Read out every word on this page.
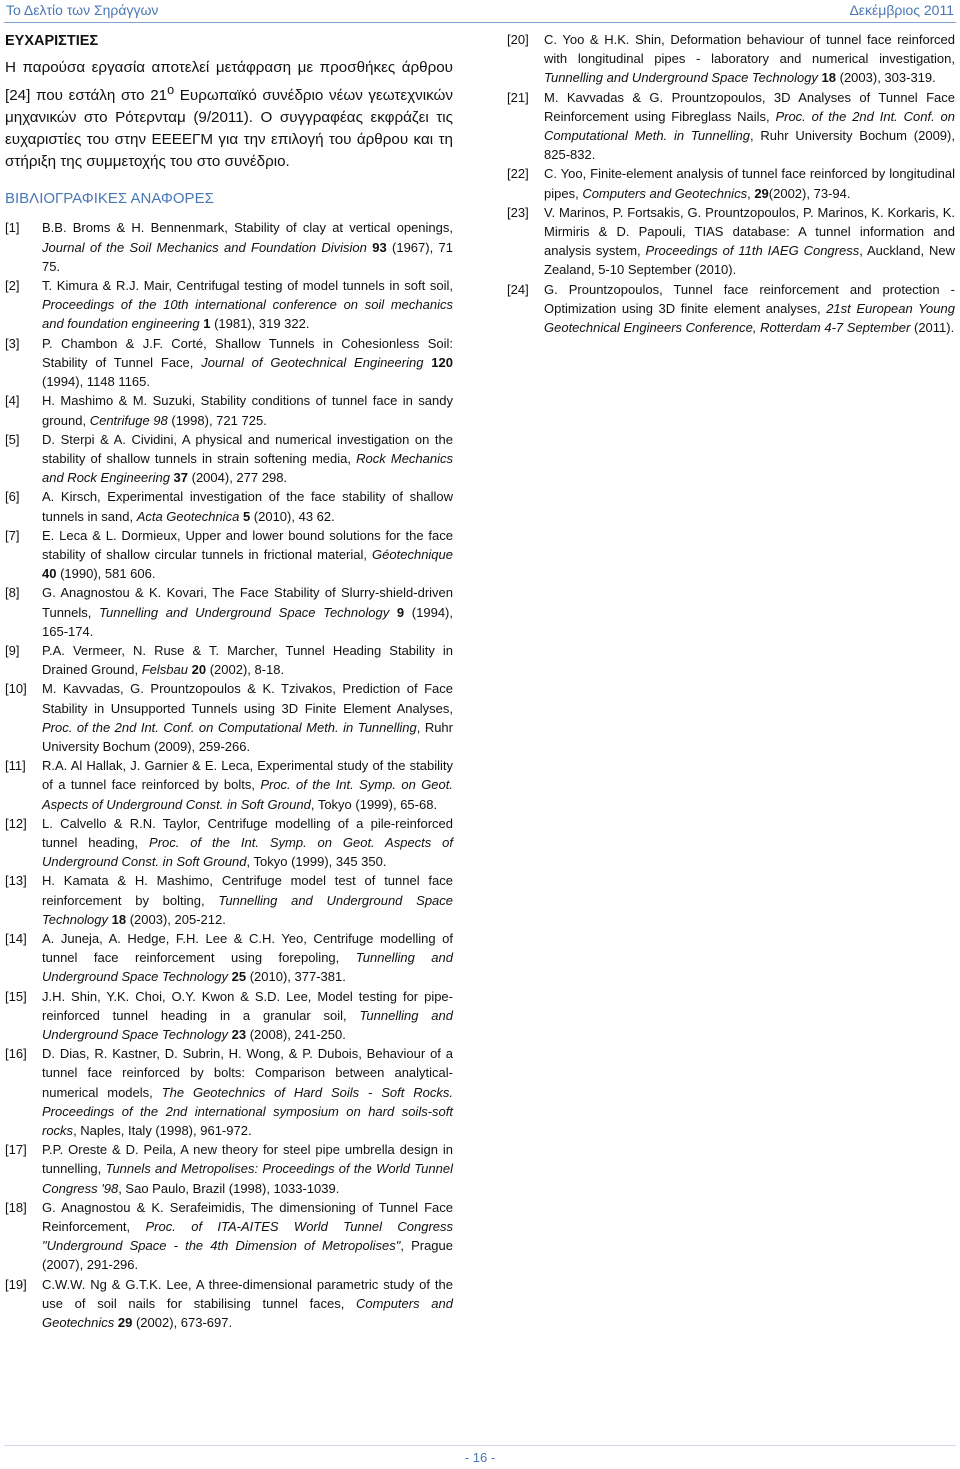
Το Δελτίο των Σηράγγων	Δεκέμβριος 2011
ΕΥΧΑΡΙΣΤΙΕΣ
Η παρούσα εργασία αποτελεί μετάφραση με προσθήκες άρθρου [24] που εστάλη στο $21^o$ Ευρωπαϊκό συνέδριο νέων γεωτεχνικών μηχανικών στο Ρότερνταμ (9/2011). Ο συγγραφέας εκφράζει τις ευχαριστίες του στην ΕΕΕΕΓΜ για την επιλογή του άρθρου και τη στήριξη της συμμετοχής του στο συνέδριο.
ΒΙΒΛΙΟΓΡΑΦΙΚΕΣ ΑΝΑΦΟΡΕΣ
[1]	B.B. Broms & H. Bennenmark, Stability of clay at vertical openings, Journal of the Soil Mechanics and Foundation Division 93 (1967), 71 75.
[2]	T. Kimura & R.J. Mair, Centrifugal testing of model tunnels in soft soil, Proceedings of the 10th international conference on soil mechanics and foundation engineering 1 (1981), 319 322.
[3]	P. Chambon & J.F. Corté, Shallow Tunnels in Cohesionless Soil: Stability of Tunnel Face, Journal of Geotechnical Engineering 120 (1994), 1148 1165.
[4]	H. Mashimo & M. Suzuki, Stability conditions of tunnel face in sandy ground, Centrifuge 98 (1998), 721 725.
[5]	D. Sterpi & A. Cividini, A physical and numerical investigation on the stability of shallow tunnels in strain softening media, Rock Mechanics and Rock Engineering 37 (2004), 277 298.
[6]	A. Kirsch, Experimental investigation of the face stability of shallow tunnels in sand, Acta Geotechnica 5 (2010), 43 62.
[7]	E. Leca & L. Dormieux, Upper and lower bound solutions for the face stability of shallow circular tunnels in frictional material, Géotechnique 40 (1990), 581 606.
[8]	G. Anagnostou & K. Kovari, The Face Stability of Slurry-shield-driven Tunnels, Tunnelling and Underground Space Technology 9 (1994), 165-174.
[9]	P.A. Vermeer, N. Ruse & T. Marcher, Tunnel Heading Stability in Drained Ground, Felsbau 20 (2002), 8-18.
[10]	M. Kavvadas, G. Prountzopoulos & K. Tzivakos, Prediction of Face Stability in Unsupported Tunnels using 3D Finite Element Analyses, Proc. of the 2nd Int. Conf. on Computational Meth. in Tunnelling, Ruhr University Bochum (2009), 259-266.
[11]	R.A. Al Hallak, J. Garnier & E. Leca, Experimental study of the stability of a tunnel face reinforced by bolts, Proc. of the Int. Symp. on Geot. Aspects of Underground Const. in Soft Ground, Tokyo (1999), 65-68.
[12]	L. Calvello & R.N. Taylor, Centrifuge modelling of a pile-reinforced tunnel heading, Proc. of the Int. Symp. on Geot. Aspects of Underground Const. in Soft Ground, Tokyo (1999), 345 350.
[13]	H. Kamata & H. Mashimo, Centrifuge model test of tunnel face reinforcement by bolting, Tunnelling and Underground Space Technology 18 (2003), 205-212.
[14]	A. Juneja, A. Hedge, F.H. Lee & C.H. Yeo, Centrifuge modelling of tunnel face reinforcement using forepoling, Tunnelling and Underground Space Technology 25 (2010), 377-381.
[15]	J.H. Shin, Y.K. Choi, O.Y. Kwon & S.D. Lee, Model testing for pipe-reinforced tunnel heading in a granular soil, Tunnelling and Underground Space Technology 23 (2008), 241-250.
[16]	D. Dias, R. Kastner, D. Subrin, H. Wong, & P. Dubois, Behaviour of a tunnel face reinforced by bolts: Comparison between analytical-numerical models, The Geotechnics of Hard Soils - Soft Rocks. Proceedings of the 2nd international symposium on hard soils-soft rocks, Naples, Italy (1998), 961-972.
[17]	P.P. Oreste & D. Peila, A new theory for steel pipe umbrella design in tunnelling, Tunnels and Metropolises: Proceedings of the World Tunnel Congress '98, Sao Paulo, Brazil (1998), 1033-1039.
[18]	G. Anagnostou & K. Serafeimidis, The dimensioning of Tunnel Face Reinforcement, Proc. of ITA-AITES World Tunnel Congress "Underground Space - the 4th Dimension of Metropolises", Prague (2007), 291-296.
[19]	C.W.W. Ng & G.T.K. Lee, A three-dimensional parametric study of the use of soil nails for stabilising tunnel faces, Computers and Geotechnics 29 (2002), 673-697.
[20]	C. Yoo & H.K. Shin, Deformation behaviour of tunnel face reinforced with longitudinal pipes - laboratory and numerical investigation, Tunnelling and Underground Space Technology 18 (2003), 303-319.
[21]	M. Kavvadas & G. Prountzopoulos, 3D Analyses of Tunnel Face Reinforcement using Fibreglass Nails, Proc. of the 2nd Int. Conf. on Computational Meth. in Tunnelling, Ruhr University Bochum (2009), 825-832.
[22]	C. Yoo, Finite-element analysis of tunnel face reinforced by longitudinal pipes, Computers and Geotechnics, 29(2002), 73-94.
[23]	V. Marinos, P. Fortsakis, G. Prountzopoulos, P. Marinos, K. Korkaris, K. Mirmiris & D. Papouli, TIAS database: A tunnel information and analysis system, Proceedings of 11th IAEG Congress, Auckland, New Zealand, 5-10 September (2010).
[24]	G. Prountzopoulos, Tunnel face reinforcement and protection - Optimization using 3D finite element analyses, 21st European Young Geotechnical Engineers Conference, Rotterdam 4-7 September (2011).
- 16 -
